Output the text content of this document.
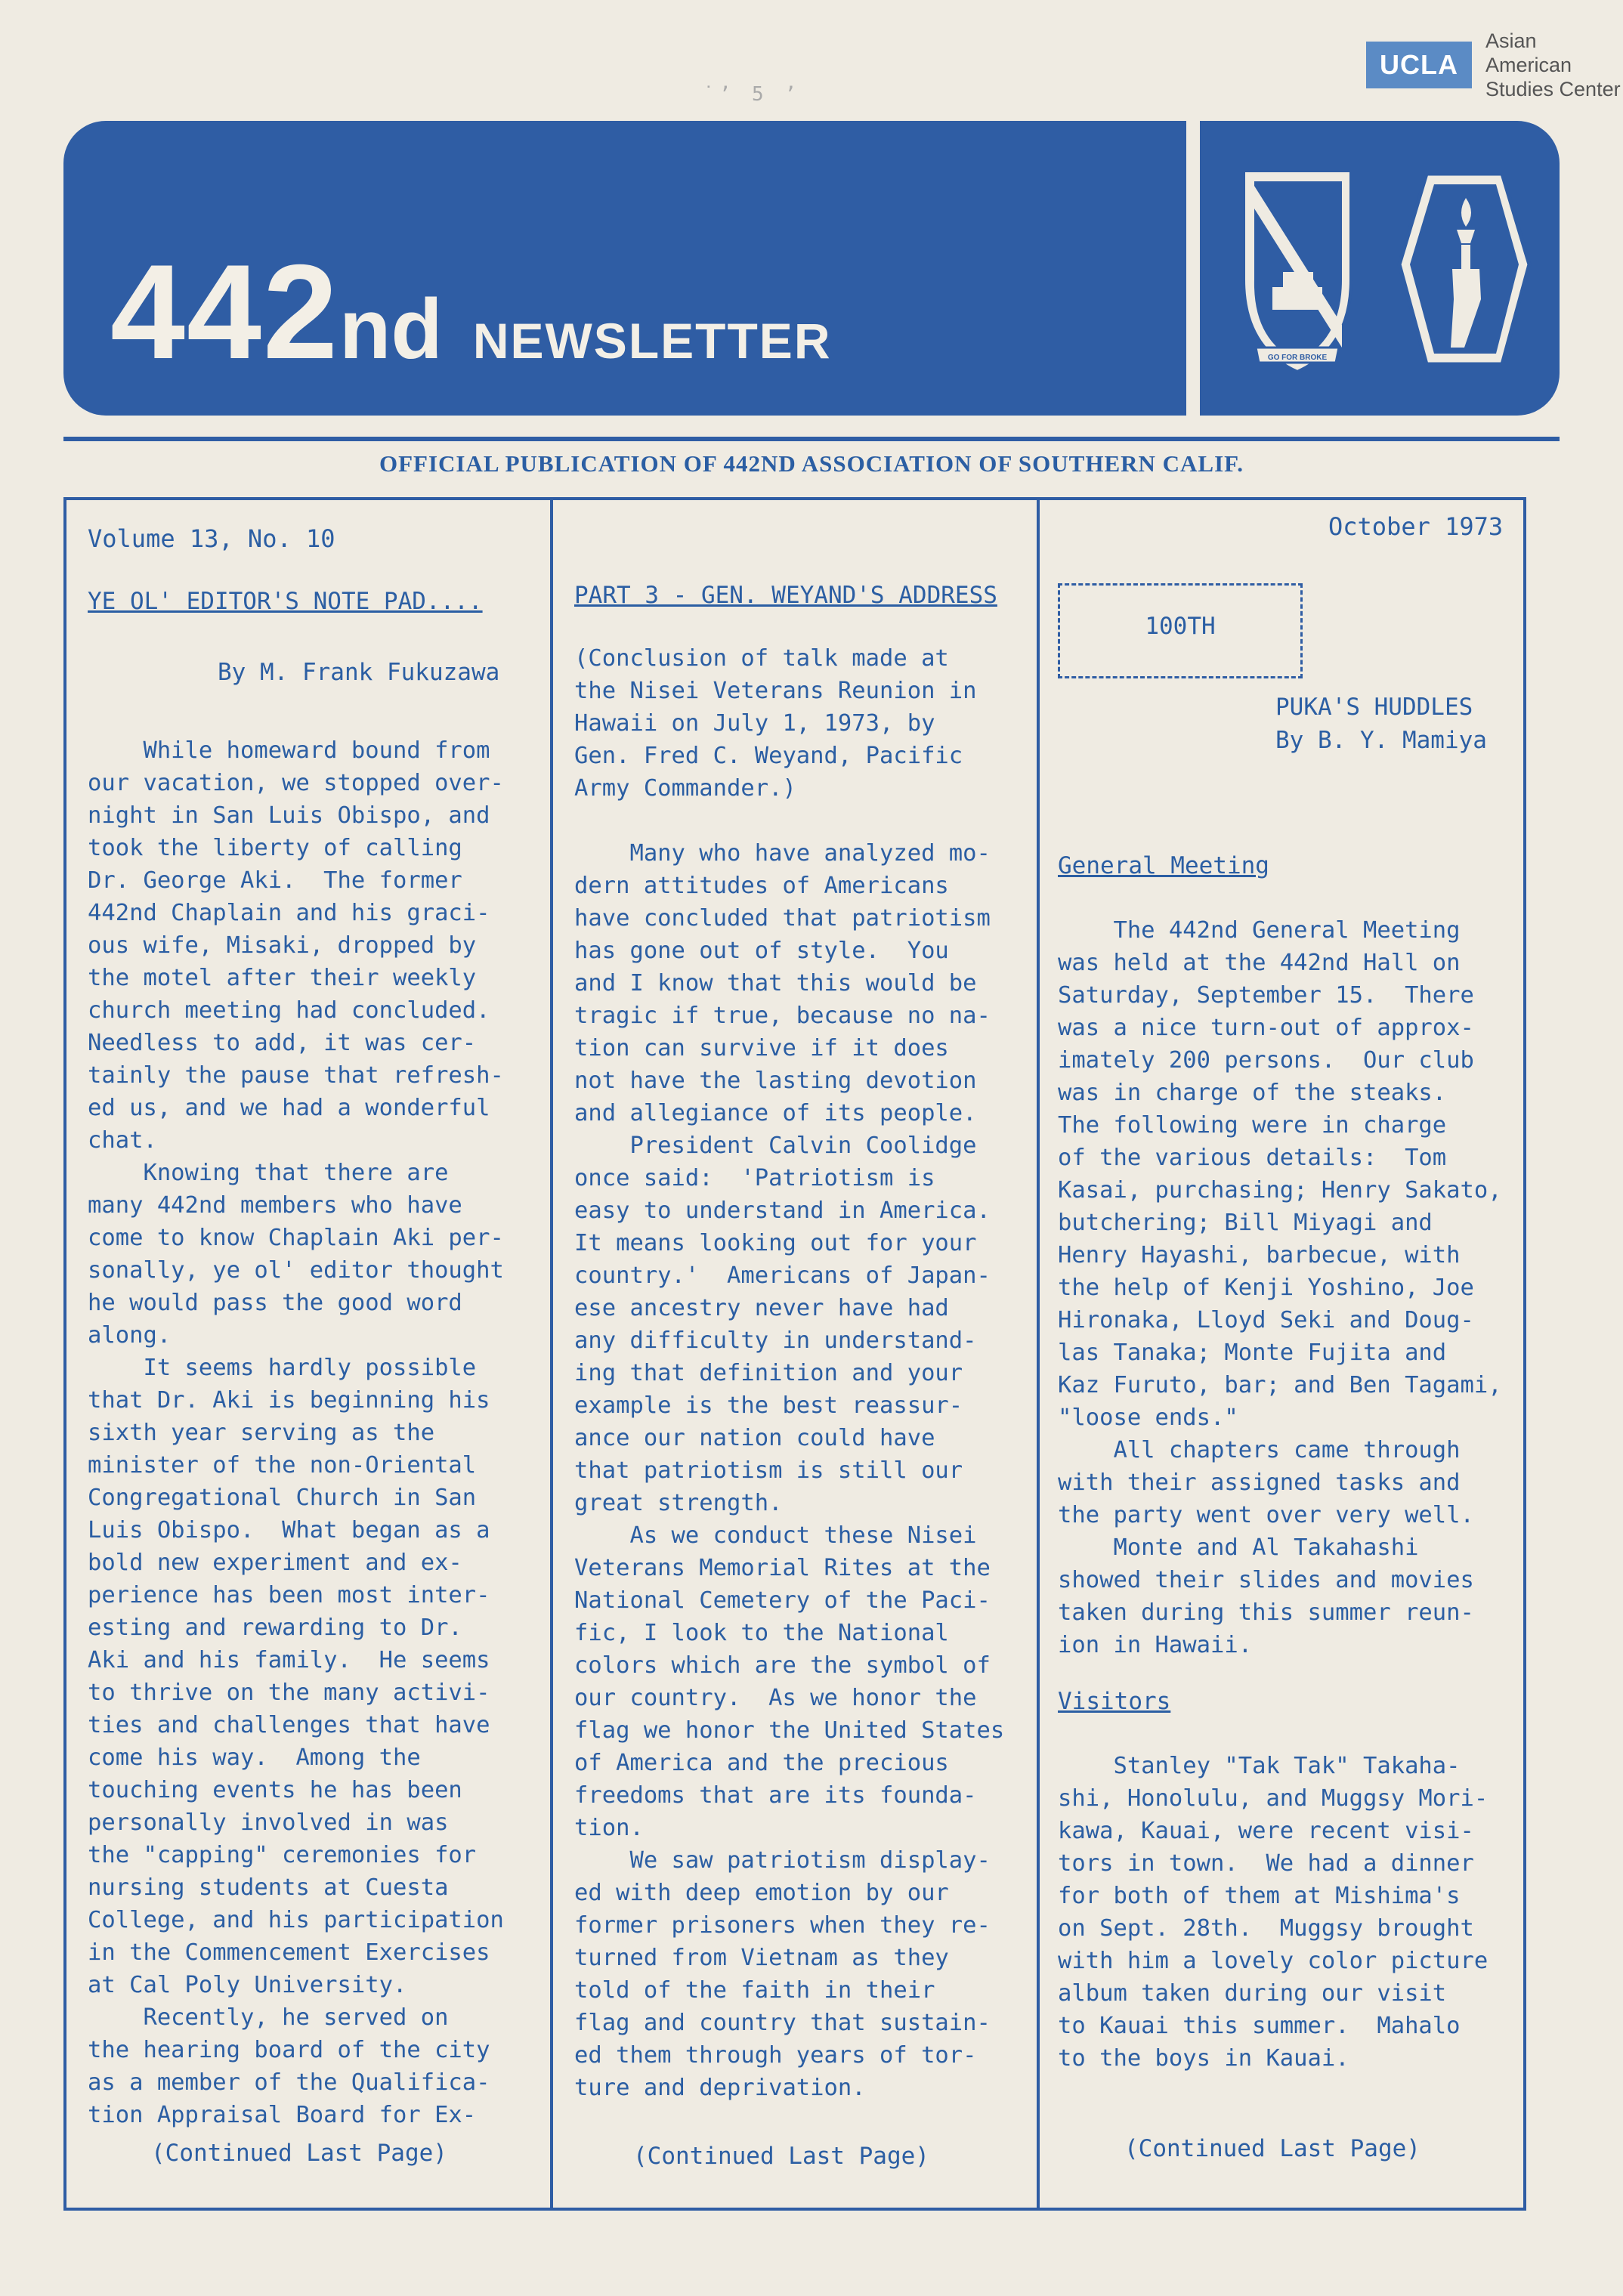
˙’ 5 ’
UCLA
Asian American
Studies Center
442nd NEWSLETTER	GO FOR BROKE
OFFICIAL PUBLICATION OF 442ND ASSOCIATION OF SOUTHERN CALIF.
Volume 13, No. 10	October 1973
YE OL' EDITOR'S NOTE PAD....
By M. Frank Fukuzawa
While homeward bound from
our vacation, we stopped over-
night in San Luis Obispo, and
took the liberty of calling
Dr. George Aki.  The former
442nd Chaplain and his graci-
ous wife, Misaki, dropped by
the motel after their weekly
church meeting had concluded.
Needless to add, it was cer-
tainly the pause that refresh-
ed us, and we had a wonderful
chat.
Knowing that there are
many 442nd members who have
come to know Chaplain Aki per-
sonally, ye ol' editor thought
he would pass the good word
along.
It seems hardly possible
that Dr. Aki is beginning his
sixth year serving as the
minister of the non-Oriental
Congregational Church in San
Luis Obispo.  What began as a
bold new experiment and ex-
perience has been most inter-
esting and rewarding to Dr.
Aki and his family.  He seems
to thrive on the many activi-
ties and challenges that have
come his way.  Among the
touching events he has been
personally involved in was
the "capping" ceremonies for
nursing students at Cuesta
College, and his participation
in the Commencement Exercises
at Cal Poly University.
Recently, he served on
the hearing board of the city
as a member of the Qualifica-
tion Appraisal Board for Ex-
(Continued Last Page)
PART 3 - GEN. WEYAND'S ADDRESS
(Conclusion of talk made at
the Nisei Veterans Reunion in
Hawaii on July 1, 1973, by
Gen. Fred C. Weyand, Pacific
Army Commander.)

Many who have analyzed mo-
dern attitudes of Americans
have concluded that patriotism
has gone out of style.  You
and I know that this would be
tragic if true, because no na-
tion can survive if it does
not have the lasting devotion
and allegiance of its people.
President Calvin Coolidge
once said:  'Patriotism is
easy to understand in America.
It means looking out for your
country.'  Americans of Japan-
ese ancestry never have had
any difficulty in understand-
ing that definition and your
example is the best reassur-
ance our nation could have
that patriotism is still our
great strength.
As we conduct these Nisei
Veterans Memorial Rites at the
National Cemetery of the Paci-
fic, I look to the National
colors which are the symbol of
our country.  As we honor the
flag we honor the United States
of America and the precious
freedoms that are its founda-
tion.
We saw patriotism display-
ed with deep emotion by our
former prisoners when they re-
turned from Vietnam as they
told of the faith in their
flag and country that sustain-
ed them through years of tor-
ture and deprivation.
(Continued Last Page)
100TH
PUKA'S HUDDLES
By B. Y. Mamiya
General Meeting
The 442nd General Meeting
was held at the 442nd Hall on
Saturday, September 15.  There
was a nice turn-out of approx-
imately 200 persons.  Our club
was in charge of the steaks.
The following were in charge
of the various details:  Tom
Kasai, purchasing; Henry Sakato,
butchering; Bill Miyagi and
Henry Hayashi, barbecue, with
the help of Kenji Yoshino, Joe
Hironaka, Lloyd Seki and Doug-
las Tanaka; Monte Fujita and
Kaz Furuto, bar; and Ben Tagami,
"loose ends."
All chapters came through
with their assigned tasks and
the party went over very well.
Monte and Al Takahashi
showed their slides and movies
taken during this summer reun-
ion in Hawaii.
Visitors
Stanley "Tak Tak" Takaha-
shi, Honolulu, and Muggsy Mori-
kawa, Kauai, were recent visi-
tors in town.  We had a dinner
for both of them at Mishima's
on Sept. 28th.  Muggsy brought
with him a lovely color picture
album taken during our visit
to Kauai this summer.  Mahalo
to the boys in Kauai.
(Continued Last Page)
